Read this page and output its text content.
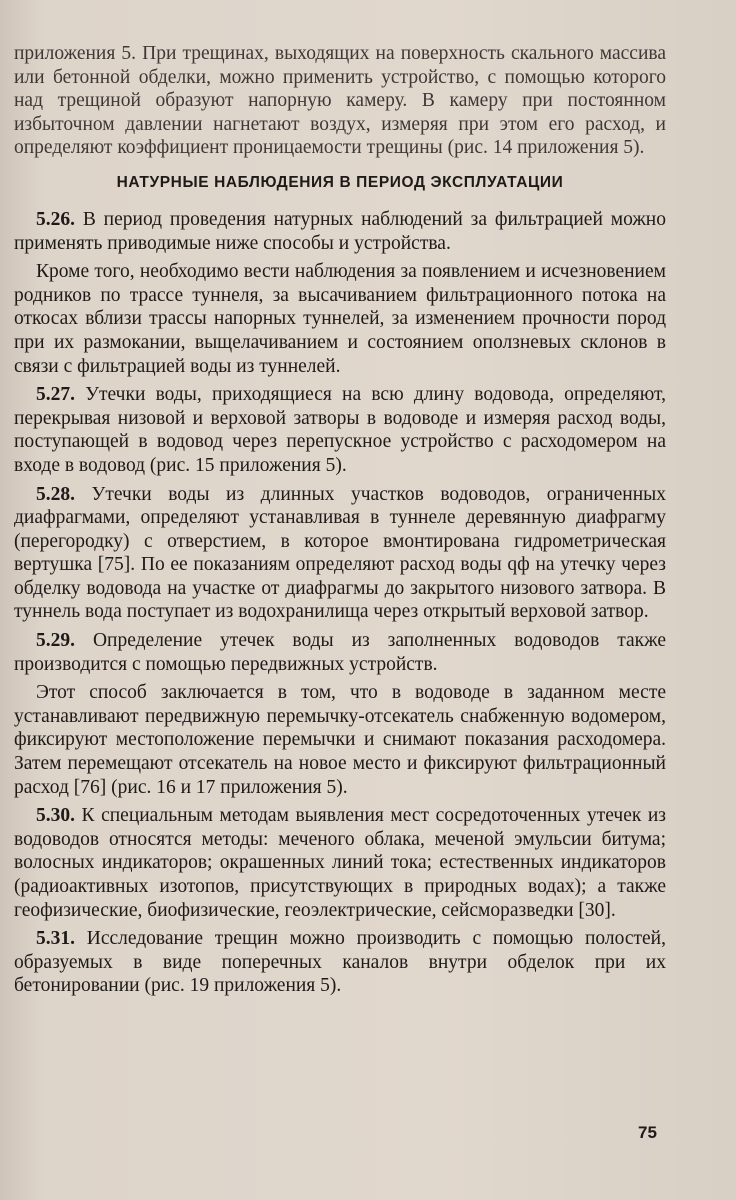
приложения 5. При трещинах, выходящих на поверхность скального массива или бетонной обделки, можно применить устройство, с помощью которого над трещиной образуют напорную камеру. В камеру при постоянном избыточном давлении нагнетают воздух, измеряя при этом его расход, и определяют коэффициент проницаемости трещины (рис. 14 приложения 5).

НАТУРНЫЕ НАБЛЮДЕНИЯ В ПЕРИОД ЭКСПЛУАТАЦИИ

5.26. В период проведения натурных наблюдений за фильтрацией можно применять приводимые ниже способы и устройства.

Кроме того, необходимо вести наблюдения за появлением и исчезновением родников по трассе туннеля, за высачиванием фильтрационного потока на откосах вблизи трассы напорных туннелей, за изменением прочности пород при их размокании, выщелачиванием и состоянием оползневых склонов в связи с фильтрацией воды из туннелей.

5.27. Утечки воды, приходящиеся на всю длину водовода, определяют, перекрывая низовой и верховой затворы в водоводе и измеряя расход воды, поступающей в водовод через перепускное устройство с расходомером на входе в водовод (рис. 15 приложения 5).

5.28. Утечки воды из длинных участков водоводов, ограниченных диафрагмами, определяют устанавливая в туннеле деревянную диафрагму (перегородку) с отверстием, в которое вмонтирована гидрометрическая вертушка [75]. По ее показаниям определяют расход воды qф на утечку через обделку водовода на участке от диафрагмы до закрытого низового затвора. В туннель вода поступает из водохранилища через открытый верховой затвор.

5.29. Определение утечек воды из заполненных водоводов также производится с помощью передвижных устройств.

Этот способ заключается в том, что в водоводе в заданном месте устанавливают передвижную перемычку-отсекатель снабженную водомером, фиксируют местоположение перемычки и снимают показания расходомера. Затем перемещают отсекатель на новое место и фиксируют фильтрационный расход [76] (рис. 16 и 17 приложения 5).

5.30. К специальным методам выявления мест сосредоточенных утечек из водоводов относятся методы: меченого облака, меченой эмульсии битума; волосных индикаторов; окрашенных линий тока; естественных индикаторов (радиоактивных изотопов, присутствующих в природных водах); а также геофизические, биофизические, геоэлектрические, сейсморазведки [30].

5.31. Исследование трещин можно производить с помощью полостей, образуемых в виде поперечных каналов внутри обделок при их бетонировании (рис. 19 приложения 5).

75
